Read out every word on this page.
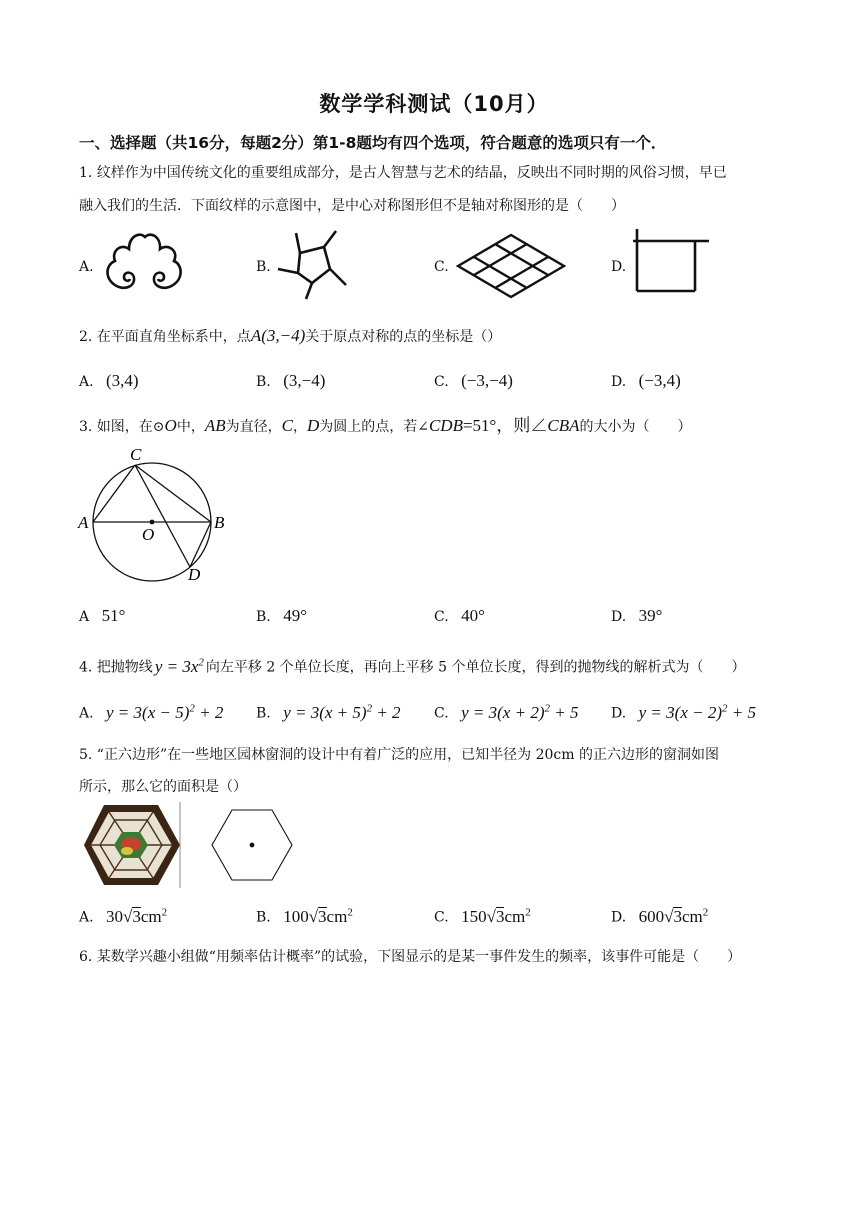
数学学科测试（10月）
一、选择题（共16分，每题2分）第1-8题均有四个选项，符合题意的选项只有一个．
1. 纹样作为中国传统文化的重要组成部分，是古人智慧与艺术的结晶，反映出不同时期的风俗习惯，早已
融入我们的生活．下面纹样的示意图中，是中心对称图形但不是轴对称图形的是（　　）
A.	B.	C.	D.
2. 在平面直角坐标系中，点A(3,−4)关于原点对称的点的坐标是（）
A. (3,4)	B. (3,−4)	C. (−3,−4)	D. (−3,4)
3. 如图，在⊙O中，AB为直径，C，D为圆上的点，若∠CDB=51°，则∠CBA的大小为（　　）
C
A
O
B
D
A 51°	B. 49°	C. 40°	D. 39°
4. 把抛物线 $y = 3x^2$ 向左平移 2 个单位长度，再向上平移 5 个单位长度，得到的抛物线的解析式为（　　）
A. $y = 3(x - 5)^2 + 2$ B. $y = 3(x + 5)^2 + 2$ C. $y = 3(x + 2)^2 + 5$ D. $y = 3(x - 2)^2 + 5$
5. “正六边形”在一些地区园林窗洞的设计中有着广泛的应用，已知半径为 20cm 的正六边形的窗洞如图
所示，那么它的面积是（）
A. $30√3cm^2$	B. $100√3cm^2$	C. $150√3cm^2$	D. $600√3cm^2$
6. 某数学兴趣小组做“用频率估计概率”的试验，下图显示的是某一事件发生的频率，该事件可能是（　　）
